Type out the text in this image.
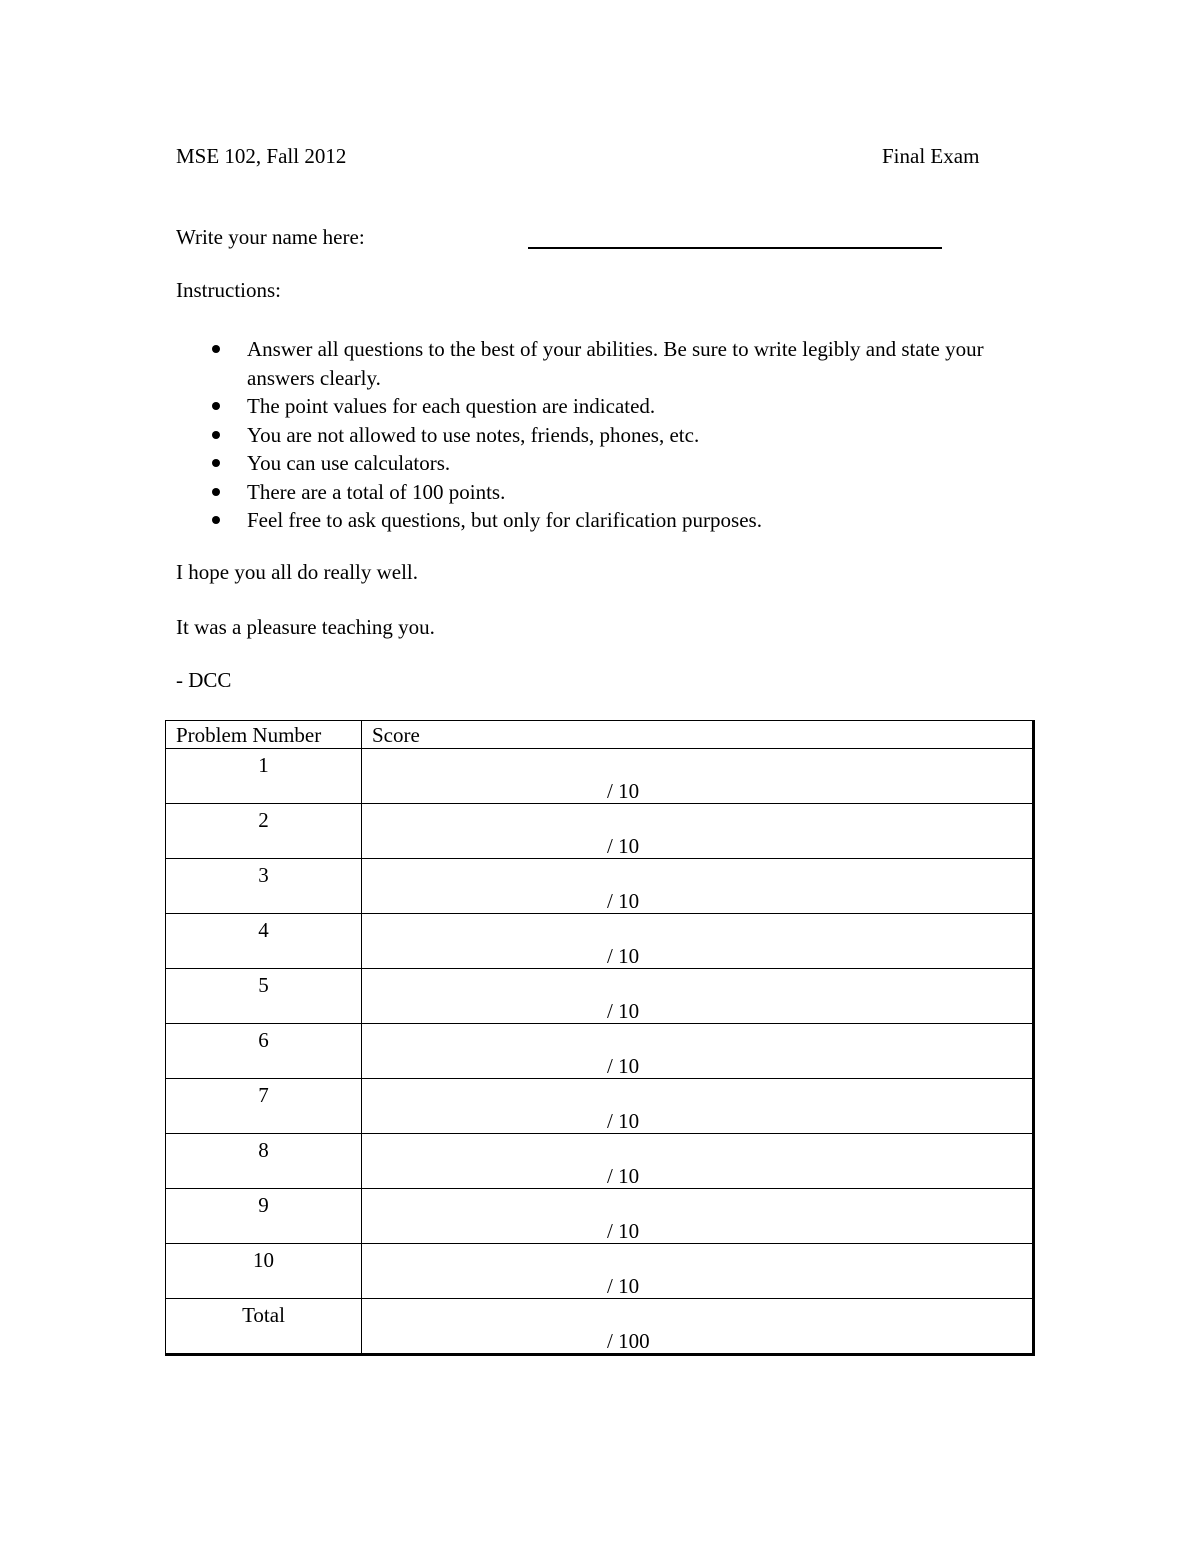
MSE 102, Fall 2012	Final Exam
Write your name here:
Instructions:
Answer all questions to the best of your abilities. Be sure to write legibly and state your answers clearly.
The point values for each question are indicated.
You are not allowed to use notes, friends, phones, etc.
You can use calculators.
There are a total of 100 points.
Feel free to ask questions, but only for clarification purposes.
I hope you all do really well.
It was a pleasure teaching you.
- DCC
Problem Number	Score

1	/ 10

2	/ 10

3	/ 10

4	/ 10

5	/ 10

6	/ 10

7	/ 10

8	/ 10

9	/ 10

10	/ 10

Total	/ 100
